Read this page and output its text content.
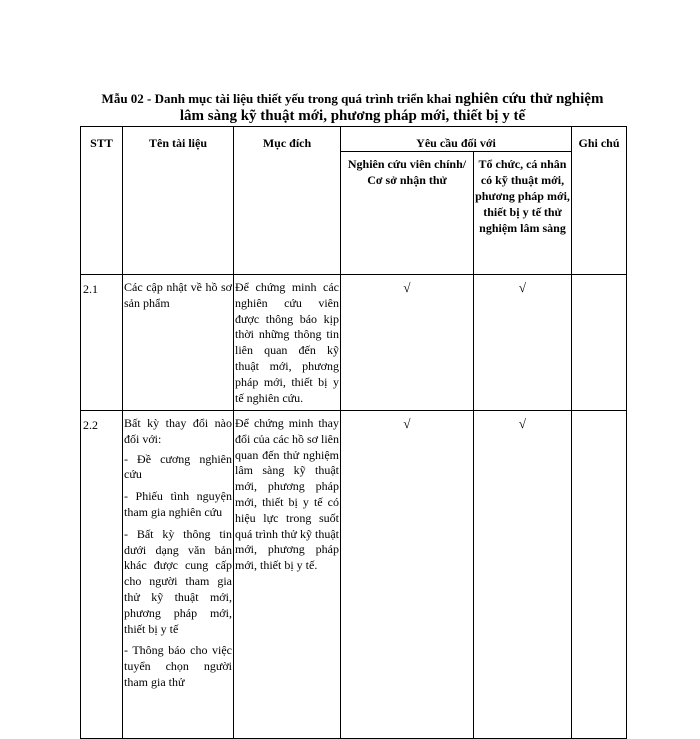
Mẫu 02 - Danh mục tài liệu thiết yếu trong quá trình triển khai nghiên cứu thử nghiệm
lâm sàng kỹ thuật mới, phương pháp mới, thiết bị y tế
STT	Tên tài liệu	Mục đích	Yêu cầu đối với		Ghi chú
			Nghiên cứu viên chính/ Cơ sở nhận thử	Tổ chức, cá nhân có kỹ thuật mới, phương pháp mới, thiết bị y tế thử nghiệm lâm sàng	
2.1	Các cập nhật về hồ sơ sản phẩm	Để chứng minh các nghiên cứu viên được thông báo kịp thời những thông tin liên quan đến kỹ thuật mới, phương pháp mới, thiết bị y tế nghiên cứu.	√	√	
2.2	Bất kỳ thay đổi nào đối với:
- Đề cương nghiên cứu
- Phiếu tình nguyện tham gia nghiên cứu
- Bất kỳ thông tin dưới dạng văn bản khác được cung cấp cho người tham gia thử kỹ thuật mới, phương pháp mới, thiết bị y tế
- Thông báo cho việc tuyển chọn người tham gia thử	Để chứng minh thay đổi của các hồ sơ liên quan đến thử nghiệm lâm sàng kỹ thuật mới, phương pháp mới, thiết bị y tế có hiệu lực trong suốt quá trình thử kỹ thuật mới, phương pháp mới, thiết bị y tế.	√	√	
